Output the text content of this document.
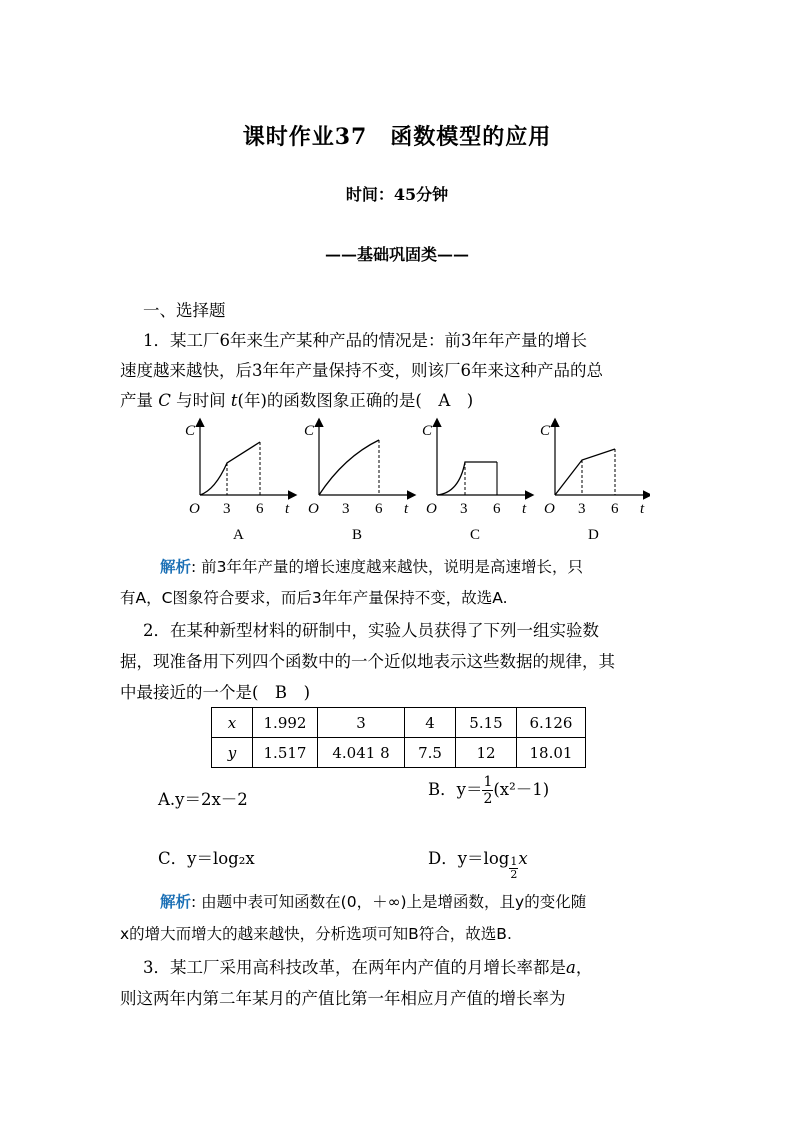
课时作业37　函数模型的应用
时间：45分钟
——基础巩固类——
一、选择题
1．某工厂6年来生产某种产品的情况是：前3年年产量的增长
速度越来越快，后3年年产量保持不变，则该厂6年来这种产品的总
产量 C 与时间 t(年)的函数图象正确的是(　A　)
C
O 3 6 t
A
C
O 3 6 t
B
C
O 3 6 t
C
C
O 3 6 t
D
解析: 前3年年产量的增长速度越来越快，说明是高速增长，只
有A，C图象符合要求，而后3年年产量保持不变，故选A.
2．在某种新型材料的研制中，实验人员获得了下列一组实验数
据，现准备用下列四个函数中的一个近似地表示这些数据的规律，其
中最接近的一个是(　B　)
x	1.992	3	4	5.15	6.126
y	1.517	4.041 8	7.5	12	18.01
A.y＝2x－2
B．$y= \frac{1}{2} (x^2-1)$
C．y＝log₂x	D．$y=\log \frac{1}{2}$ x
解析: 由题中表可知函数在(0，＋∞)上是增函数，且y的变化随
x的增大而增大的越来越快，分析选项可知B符合，故选B.
3．某工厂采用高科技改革，在两年内产值的月增长率都是a，
则这两年内第二年某月的产值比第一年相应月产值的增长率为
